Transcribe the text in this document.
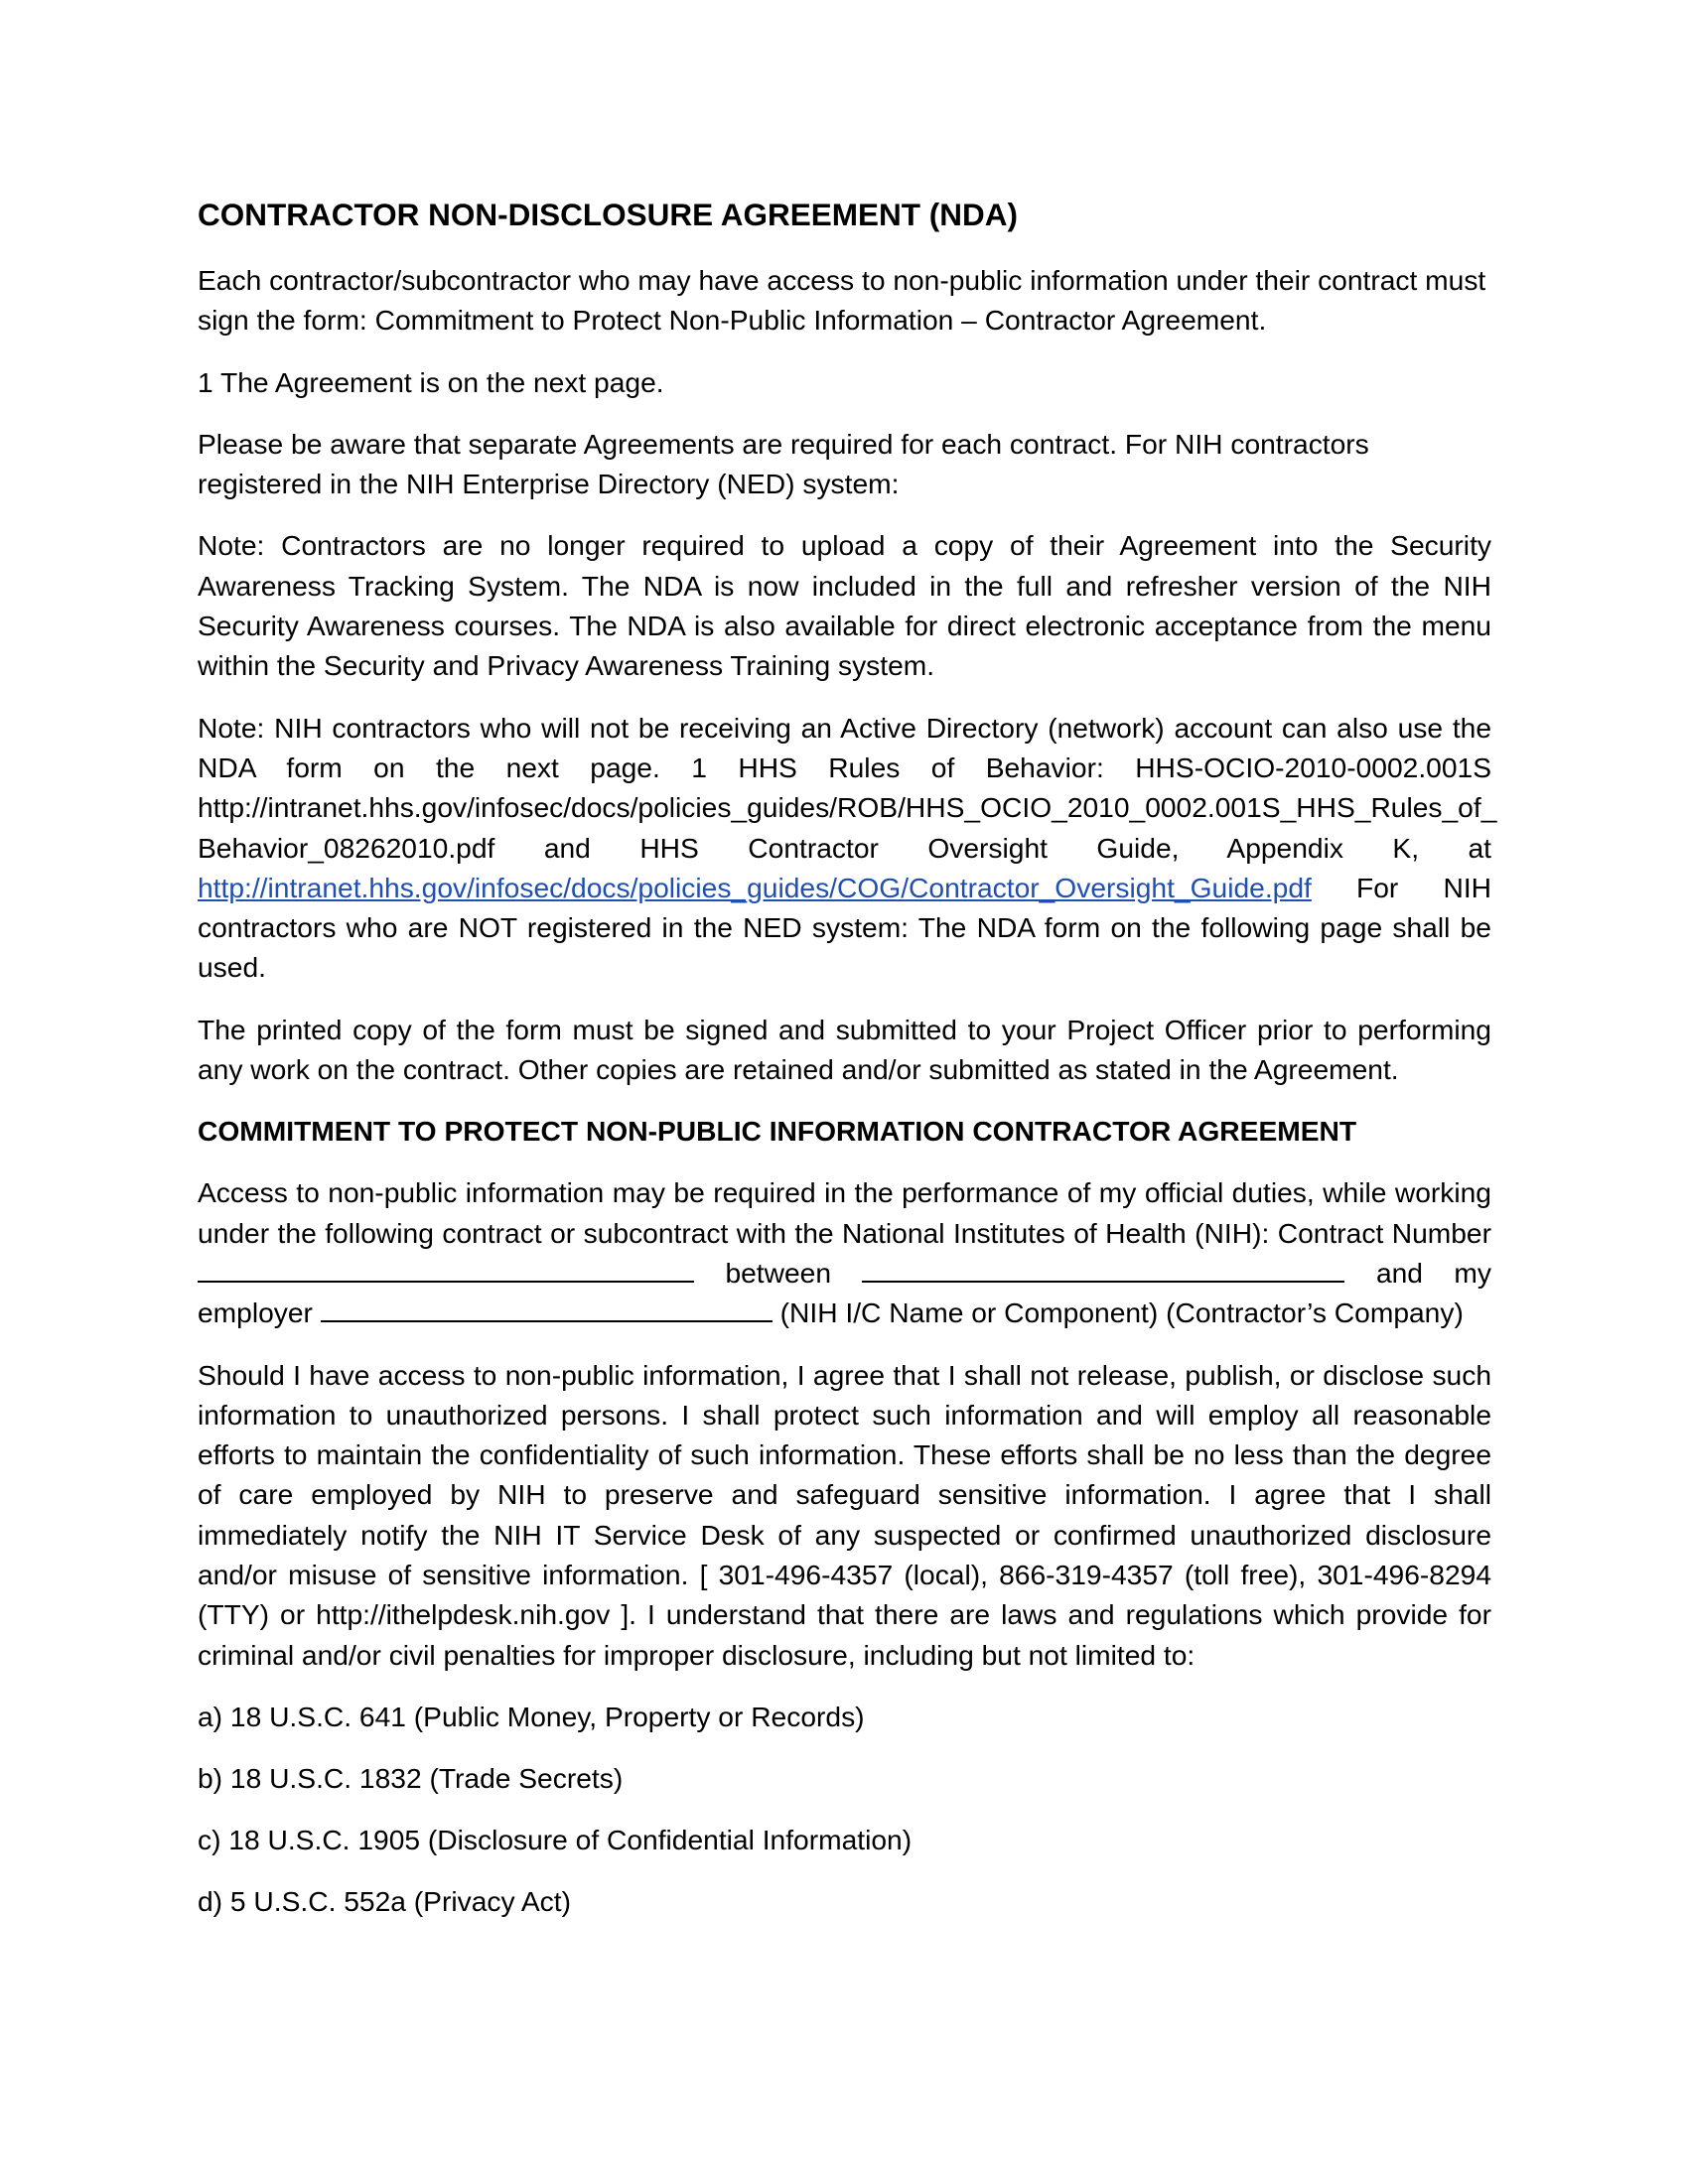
CONTRACTOR NON-DISCLOSURE AGREEMENT (NDA)

Each contractor/subcontractor who may have access to non-public information under their contract must sign the form: Commitment to Protect Non-Public Information – Contractor Agreement.

1 The Agreement is on the next page.

Please be aware that separate Agreements are required for each contract. For NIH contractors registered in the NIH Enterprise Directory (NED) system:

Note: Contractors are no longer required to upload a copy of their Agreement into the Security Awareness Tracking System. The NDA is now included in the full and refresher version of the NIH Security Awareness courses. The NDA is also available for direct electronic acceptance from the menu within the Security and Privacy Awareness Training system.

Note: NIH contractors who will not be receiving an Active Directory (network) account can also use the NDA form on the next page. 1 HHS Rules of Behavior: HHS-OCIO-2010-0002.001S http://intranet.hhs.gov/infosec/docs/policies_guides/ROB/HHS_OCIO_2010_0002.001S_HHS_Rules_of_ Behavior_08262010.pdf and HHS Contractor Oversight Guide, Appendix K, at http://intranet.hhs.gov/infosec/docs/policies_guides/COG/Contractor_Oversight_Guide.pdf For NIH contractors who are NOT registered in the NED system: The NDA form on the following page shall be used.

The printed copy of the form must be signed and submitted to your Project Officer prior to performing any work on the contract. Other copies are retained and/or submitted as stated in the Agreement.

COMMITMENT TO PROTECT NON-PUBLIC INFORMATION CONTRACTOR AGREEMENT

Access to non-public information may be required in the performance of my official duties, while working under the following contract or subcontract with the National Institutes of Health (NIH): Contract Number  between	and my employer	(NIH I/C Name or Component) (Contractor’s Company)

Should I have access to non-public information, I agree that I shall not release, publish, or disclose such information to unauthorized persons. I shall protect such information and will employ all reasonable efforts to maintain the confidentiality of such information. These efforts shall be no less than the degree of care employed by NIH to preserve and safeguard sensitive information. I agree that I shall immediately notify the NIH IT Service Desk of any suspected or confirmed unauthorized disclosure and/or misuse of sensitive information. [ 301-496-4357 (local), 866-319-4357 (toll free), 301-496-8294 (TTY) or http://ithelpdesk.nih.gov ]. I understand that there are laws and regulations which provide for criminal and/or civil penalties for improper disclosure, including but not limited to:

a) 18 U.S.C. 641 (Public Money, Property or Records)
b) 18 U.S.C. 1832 (Trade Secrets)
c) 18 U.S.C. 1905 (Disclosure of Confidential Information)
d) 5 U.S.C. 552a (Privacy Act)
